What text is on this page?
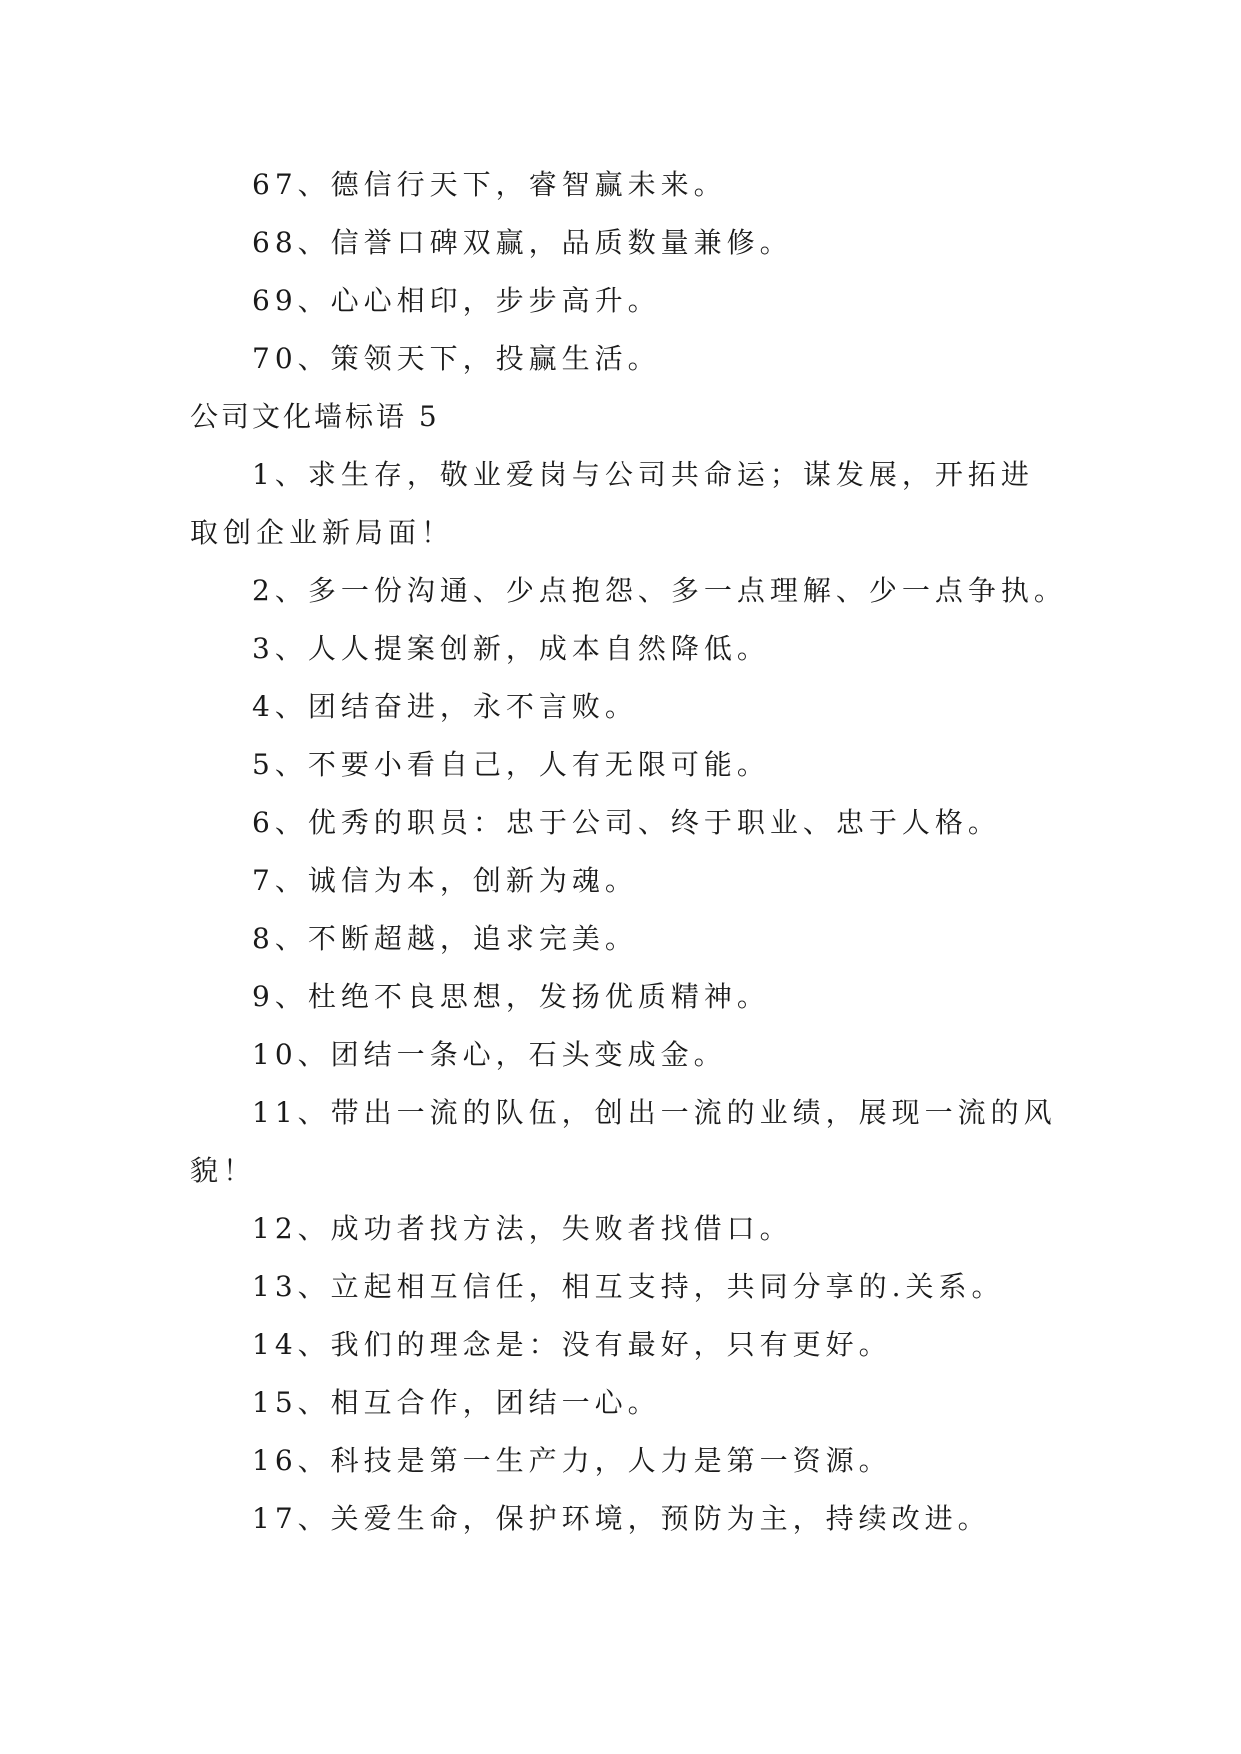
67、德信行天下，睿智赢未来。
68、信誉口碑双赢，品质数量兼修。
69、心心相印，步步高升。
70、策领天下，投赢生活。
公司文化墙标语 5
1、求生存，敬业爱岗与公司共命运；谋发展，开拓进
取创企业新局面！
2、多一份沟通、少点抱怨、多一点理解、少一点争执。
3、人人提案创新，成本自然降低。
4、团结奋进，永不言败。
5、不要小看自己，人有无限可能。
6、优秀的职员：忠于公司、终于职业、忠于人格。
7、诚信为本，创新为魂。
8、不断超越，追求完美。
9、杜绝不良思想，发扬优质精神。
10、团结一条心，石头变成金。
11、带出一流的队伍，创出一流的业绩，展现一流的风
貌！
12、成功者找方法，失败者找借口。
13、立起相互信任，相互支持，共同分享的.关系。
14、我们的理念是：没有最好，只有更好。
15、相互合作，团结一心。
16、科技是第一生产力，人力是第一资源。
17、关爱生命，保护环境，预防为主，持续改进。
